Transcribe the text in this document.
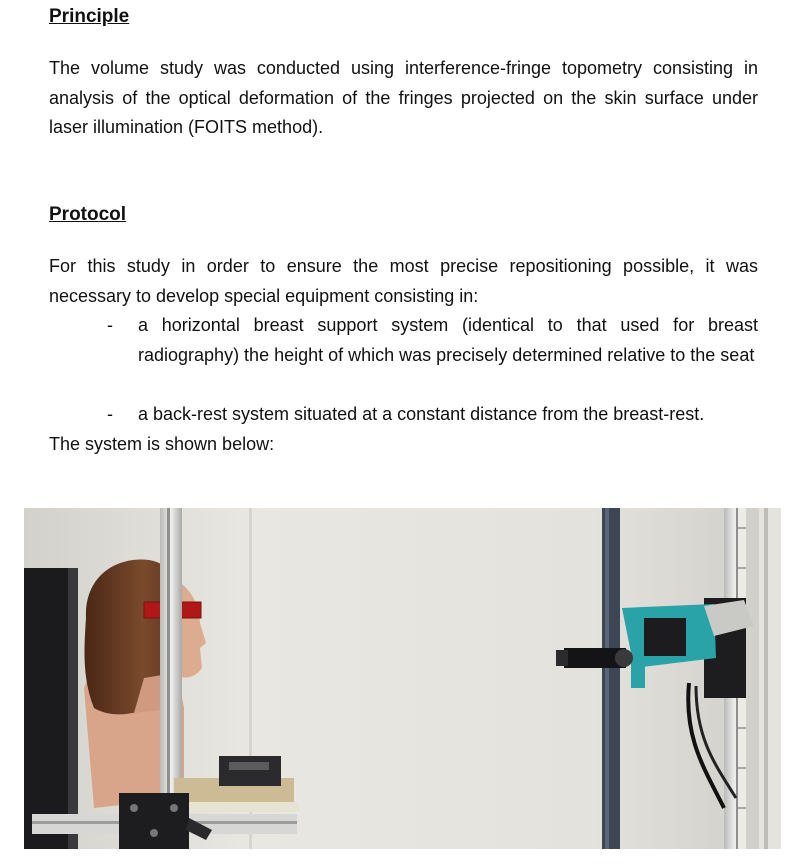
Principle

The volume study was conducted using interference-fringe topometry consisting in analysis of the optical deformation of the fringes projected on the skin surface under laser illumination (FOITS method).

Protocol

For this study in order to ensure the most precise repositioning possible, it was necessary to develop special equipment consisting in:

- a horizontal breast support system (identical to that used for breast radiography) the height of which was precisely determined relative to the seat
- a back-rest system situated at a constant distance from the breast-rest.

The system is shown below:
